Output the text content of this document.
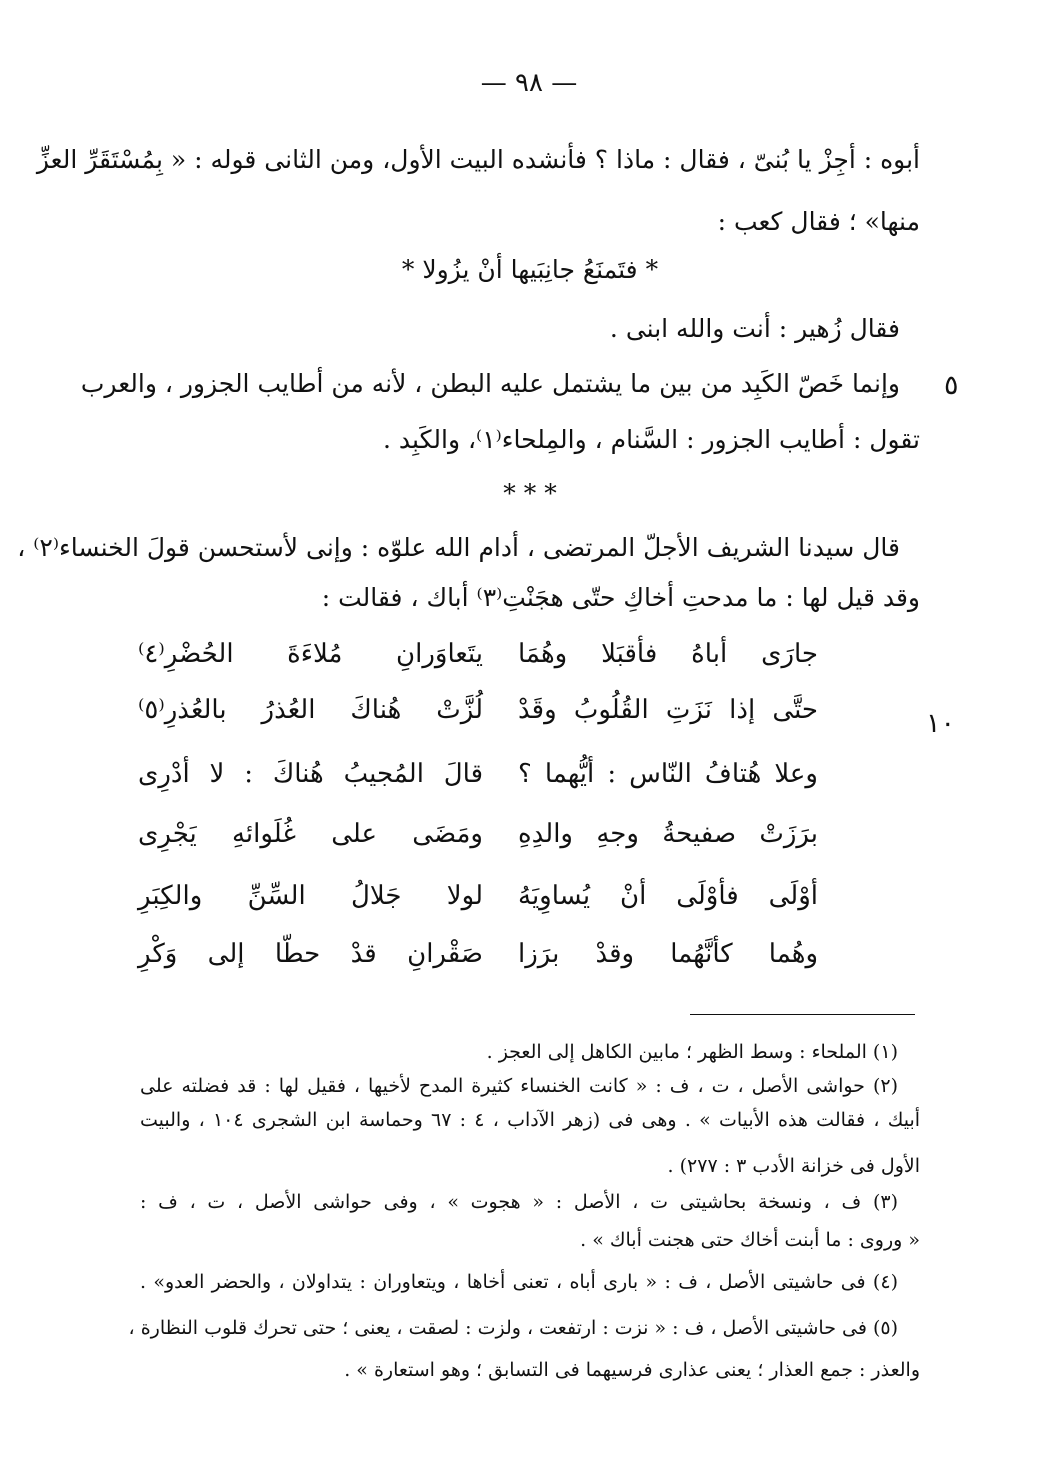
— ٩٨ —
أبوه : أجِزْ يا بُنىّ ، فقال : ماذا ؟ فأنشده البيت الأول، ومن الثانى قوله : « بِمُسْتَقَرِّ العزِّ
منها» ؛ فقال كعب :
* فتَمنَعُ جانِبَيها أنْ يزُولا *
فقال زُهير : أنت والله ابنى .
وإنما خَصّ الكَبِد من بين ما يشتمل عليه البطن ، لأنه من أطايب الجزور ، والعرب
تقول : أطايب الجزور : السَّنام ، والمِلحاء⁽١⁾، والكَبِد .
* * *
قال سيدنا الشريف الأجلّ المرتضى ، أدام الله علوّه : وإنى لأستحسن قولَ الخنساء⁽٢⁾ ،
وقد قيل لها : ما مدحتِ أخاكِ حتّى هجَنْتِ⁽٣⁾ أباك ، فقالت :
٥
١٠
جارَى أباهُ فأقبَلا وهُمَا
يتَعاوَرانِ مُلاءَةَ الحُضْرِ⁽٤⁾
حتَّى إذا نَزَتِ القُلُوبُ وقَدْ
لُزَّتْ هُناكَ العُذرُ بالعُذرِ⁽٥⁾
وعلا هُتافُ النّاس : أيُّهما ؟
قالَ المُجيبُ هُناكَ : لا أدْرِى
برَزَتْ صفيحةُ وجهِ والدِهِ
ومَضَى على غُلَوائهِ يَجْرِى
أوْلَى فأوْلَى أنْ يُساوِيَهُ
لولا جَلالُ السِّنِّ والكِبَرِ
وهُما كأنَّهُما وقدْ برَزا
صَقْرانِ قدْ حطّا إلى وَكْرِ
(١) الملحاء : وسط الظهر ؛ مابين الكاهل إلى العجز .
(٢) حواشى الأصل ، ت ، ف : « كانت الخنساء كثيرة المدح لأخيها ، فقيل لها : قد فضلته على
أبيك ، فقالت هذه الأبيات » . وهى فى (زهر الآداب ، ٤ : ٦٧ وحماسة ابن الشجرى ١٠٤ ، والبيت
الأول فى خزانة الأدب ٣ : ٢٧٧) .
(٣) ف ، ونسخة بحاشيتى ت ، الأصل : « هجوت » ، وفى حواشى الأصل ، ت ، ف :
« وروى : ما أبنت أخاك حتى هجنت أباك » .
(٤) فى حاشيتى الأصل ، ف : « بارى أباه ، تعنى أخاها ، ويتعاوران : يتداولان ، والحضر العدو» .
(٥) فى حاشيتى الأصل ، ف : « نزت : ارتفعت ، ولزت : لصقت ، يعنى ؛ حتى تحرك قلوب النظارة ،
والعذر : جمع العذار ؛ يعنى عذارى فرسيهما فى التسابق ؛ وهو استعارة » .
